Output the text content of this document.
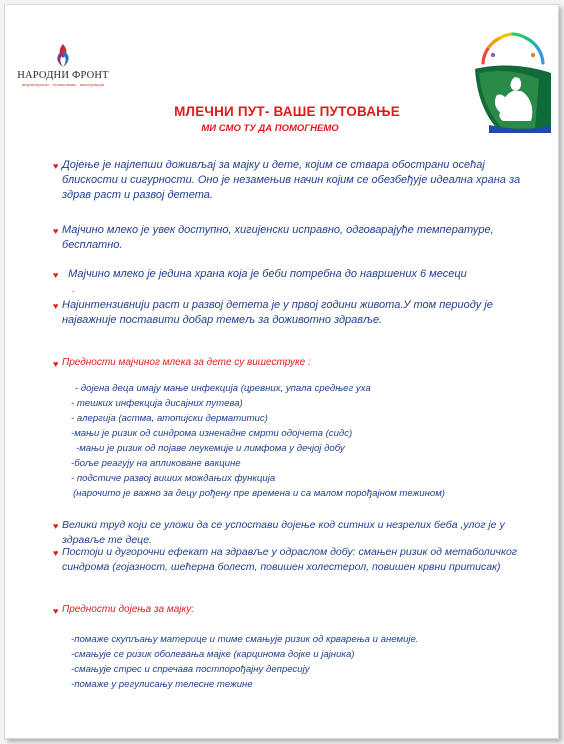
НАРОДНИ ФРОНТ
непристрасно · поштовање · интеграција
МЛЕЧНИ ПУТ- ВАШЕ ПУТОВАЊЕ
МИ СМО ТУ ДА ПОМОГНЕМО
♥ Дојење је најлепши доживљај за мајку и дете, којим се ствара обострани осећај блискости и сигурности. Оно је незамењив начин којим се обезбеђује идеална храна за здрав раст и развој детета.

♥ Мајчино млеко је увек доступно, хигијенски исправно, одговарајуће температуре, бесплатно.

♥ Мајчино млеко је једина храна која је беби потребна до навршених 6 месеци

.
♥ Најинтензивнији раст и развој детета је у првој години живота.У том периоду је најважније поставити добар темељ за доживотно здравље.

♥ Предности мајчиног млека за дете су вишеструке :

- дојена деца имају мање инфекција (цревних, упала средњег уха
- тешких инфекција дисајних путева)
- алергија (астма, атопијски дерматитис)
-мањи је ризик од синдрома изненадне смрти одојчета (сидс)
-мањи је ризик од појаве леукемије и лимфома у дечјој добу
-боље реагују на апликоване вакцине
- подстиче развој виших мождањих функција
(нарочито је важно за децу рођену пре времена и са малом порођајном тежином)
♥ Велики труд који се уложи да се успостави дојење код ситних и незрелих беба ,улог је у здравље те деце.

♥ Постоји и дугорочни ефекат на здравље у одраслом добу: смањен ризик од метаболичког синдрома (гојазност, шећерна болест, повишен холестерол, повишен крвни притисак)

♥ Предности дојења за мајку:

-помаже скупљању материце и тиме смањује ризик од крварења и анемије.
-смањује се ризик оболевања мајке (карцинома дојке и јајника)
-смањује стрес и спречава постпорођајну депресију
-помаже у регулисању телесне тежине
